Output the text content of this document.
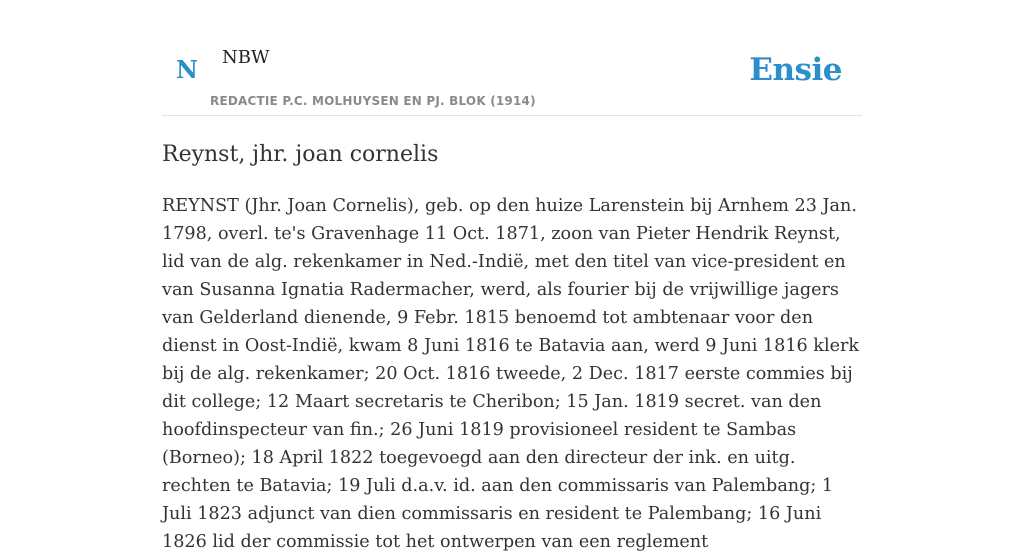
N NBW
REDACTIE P.C. MOLHUYSEN EN PJ. BLOK (1914)
Ensie
Reynst, jhr. joan cornelis

REYNST (Jhr. Joan Cornelis), geb. op den huize Larenstein bij Arnhem 23 Jan. 1798, overl. te's Gravenhage 11 Oct. 1871, zoon van Pieter Hendrik Reynst, lid van de alg. rekenkamer in Ned.-Indië, met den titel van vice-president en van Susanna Ignatia Radermacher, werd, als fourier bij de vrijwillige jagers van Gelderland dienende, 9 Febr. 1815 benoemd tot ambtenaar voor den dienst in Oost-Indië, kwam 8 Juni 1816 te Batavia aan, werd 9 Juni 1816 klerk bij de alg. rekenkamer; 20 Oct. 1816 tweede, 2 Dec. 1817 eerste commies bij dit college; 12 Maart secretaris te Cheribon; 15 Jan. 1819 secret. van den hoofdinspecteur van fin.; 26 Juni 1819 provisioneel resident te Sambas (Borneo); 18 April 1822 toegevoegd aan den directeur der ink. en uitg. rechten te Batavia; 19 Juli d.a.v. id. aan den commissaris van Palembang; 1 Juli 1823 adjunct van dien commissaris en resident te Palembang; 16 Juni 1826 lid der commissie tot het ontwerpen van een reglement
